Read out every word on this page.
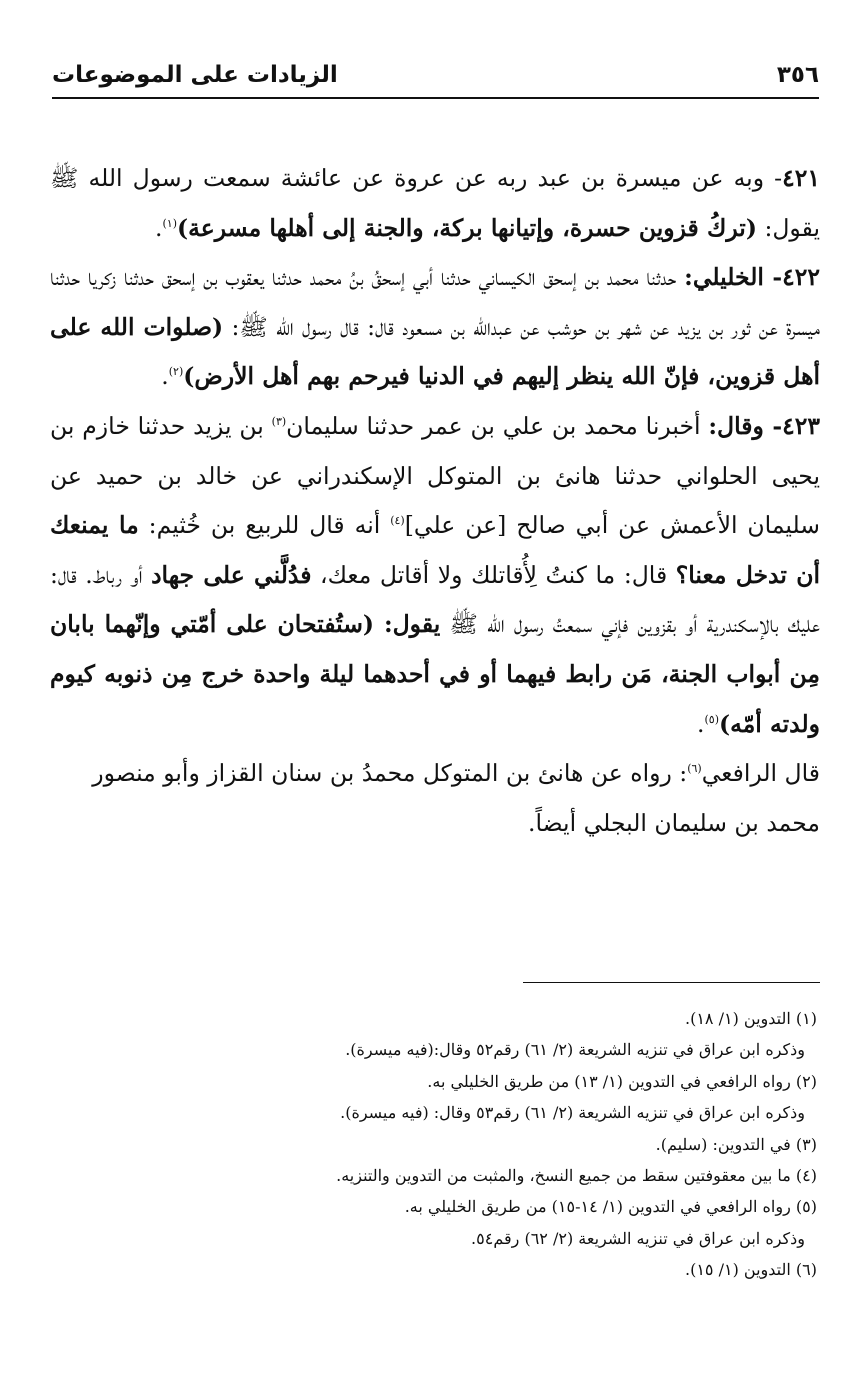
٣٥٦
الزيادات على الموضوعات

٤٢١- وبه عن ميسرة بن عبد ربه عن عروة عن عائشة سمعت رسول الله ﷺ يقول: (تركُ قزوين حسرة، وإتيانها بركة، والجنة إلى أهلها مسرعة)$^{(١)}$.

٤٢٢- الخليلي: حدثنا محمد بن إسحق الكيساني حدثنا أبي إسحقُ بنُ محمد حدثنا يعقوب بن إسحق حدثنا زكريا حدثنا ميسرة عن ثور بن يزيد عن شهر بن حوشب عن عبدالله بن مسعود قال: قال رسول الله ﷺ: (صلوات الله على أهل قزوين، فإنّ الله ينظر إليهم في الدنيا فيرحم بهم أهل الأرض)$^{(٢)}$.

٤٢٣- وقال: أخبرنا محمد بن علي بن عمر حدثنا سليمان$^{(٣)}$ بن يزيد حدثنا خازم بن يحيى الحلواني حدثنا هانئ بن المتوكل الإسكندراني عن خالد بن حميد عن سليمان الأعمش عن أبي صالح [عن علي]$^{(٤)}$ أنه قال للربيع بن خُثيم: ما يمنعك أن تدخل معنا؟ قال: ما كنتُ لِأُقاتلك ولا أقاتل معك، فدُلَّني على جهاد أو رباط. قال: عليك بالإسكندرية أو بقزوين فإني سمعتُ رسول الله ﷺ يقول: (ستُفتحان على أمّتي وإنّهما بابان مِن أبواب الجنة، مَن رابط فيهما أو في أحدهما ليلة واحدة خرج مِن ذنوبه كيوم ولدته أمّه)$^{(٥)}$.

قال الرافعي$^{(٦)}$: رواه عن هانئ بن المتوكل محمدُ بن سنان القزاز وأبو منصور محمد بن سليمان البجلي أيضاً.

(١) التدوين (١/ ١٨).

وذكره ابن عراق في تنزيه الشريعة (٢/ ٦١) رقم٥٢ وقال:(فيه ميسرة).

(٢) رواه الرافعي في التدوين (١/ ١٣) من طريق الخليلي به.

وذكره ابن عراق في تنزيه الشريعة (٢/ ٦١) رقم٥٣ وقال: (فيه ميسرة).

(٣) في التدوين: (سليم).

(٤) ما بين معقوفتين سقط من جميع النسخ، والمثبت من التدوين والتنزيه.

(٥) رواه الرافعي في التدوين (١/ ١٤-١٥) من طريق الخليلي به.

وذكره ابن عراق في تنزيه الشريعة (٢/ ٦٢) رقم٥٤.

(٦) التدوين (١/ ١٥).
